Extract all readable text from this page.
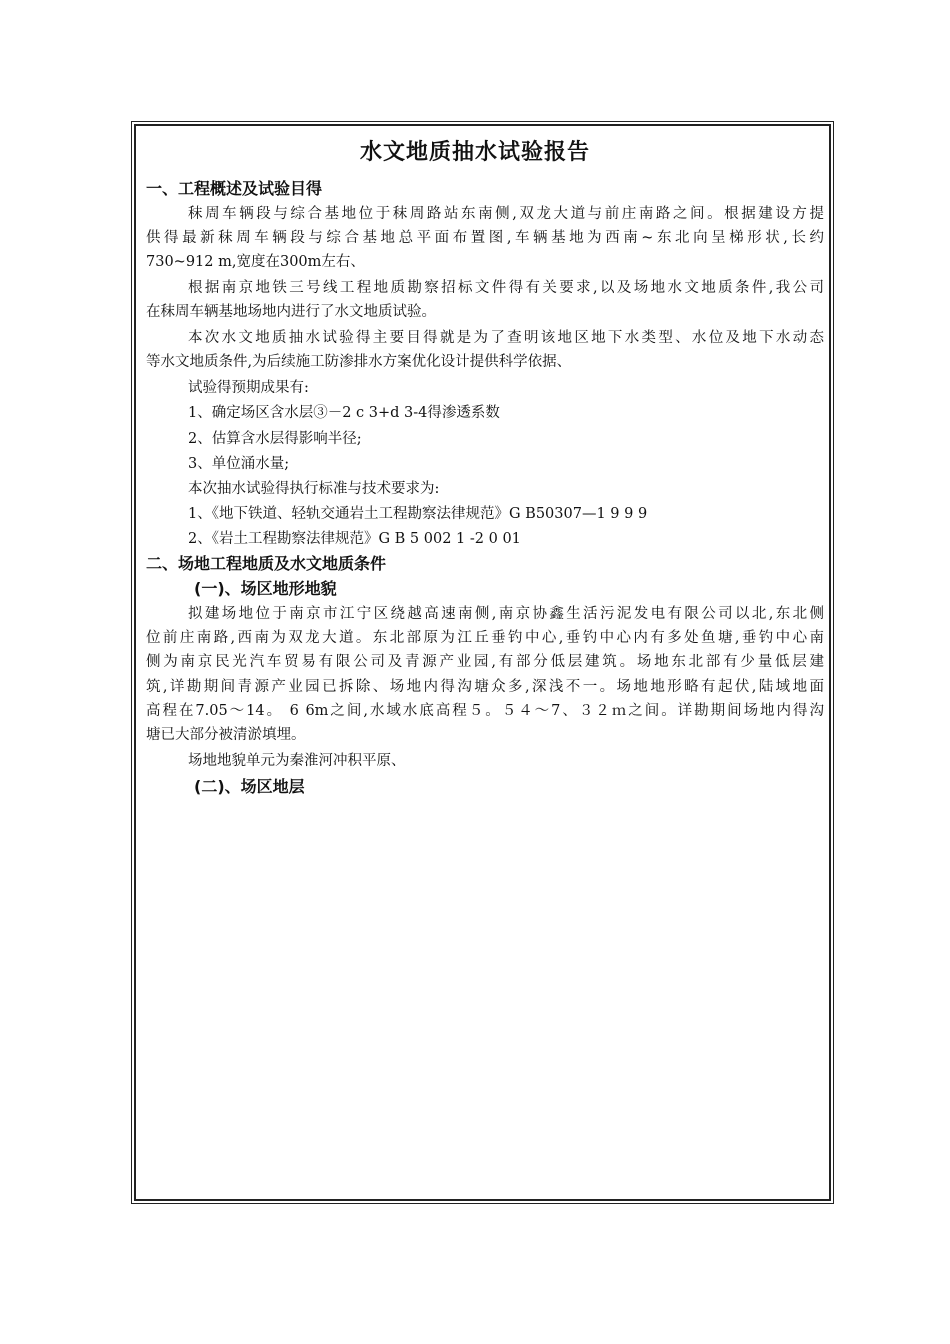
水文地质抽水试验报告
一、工程概述及试验目得
秣周车辆段与综合基地位于秣周路站东南侧,双龙大道与前庄南路之间。根据建设方提
供得最新秣周车辆段与综合基地总平面布置图,车辆基地为西南~东北向呈梯形状,长约
730~912 m,宽度在300m左右、
根据南京地铁三号线工程地质勘察招标文件得有关要求,以及场地水文地质条件,我公司
在秣周车辆基地场地内进行了水文地质试验。
本次水文地质抽水试验得主要目得就是为了查明该地区地下水类型、水位及地下水动态
等水文地质条件,为后续施工防渗排水方案优化设计提供科学依据、
试验得预期成果有:
1、确定场区含水层③－2 c 3+d 3-4得渗透系数
2、估算含水层得影响半径;
3、单位涌水量;
本次抽水试验得执行标准与技术要求为:
1、《地下铁道、轻轨交通岩土工程勘察法律规范》G B50307—1 9 9 9
2、《岩土工程勘察法律规范》G B 5 002 1 -2 0 01
二、场地工程地质及水文地质条件
(一)、场区地形地貌
拟建场地位于南京市江宁区绕越高速南侧,南京协鑫生活污泥发电有限公司以北,东北侧
位前庄南路,西南为双龙大道。东北部原为江丘垂钓中心,垂钓中心内有多处鱼塘,垂钓中心南
侧为南京民光汽车贸易有限公司及青源产业园,有部分低层建筑。场地东北部有少量低层建
筑,详勘期间青源产业园已拆除、场地内得沟塘众多,深浅不一。场地地形略有起伏,陆域地面
高程在7.05～14。 6 6m之间,水域水底高程５。５４～7、３２ｍ之间。详勘期间场地内得沟
塘已大部分被清淤填埋。
场地地貌单元为秦淮河冲积平原、
(二)、场区地层
